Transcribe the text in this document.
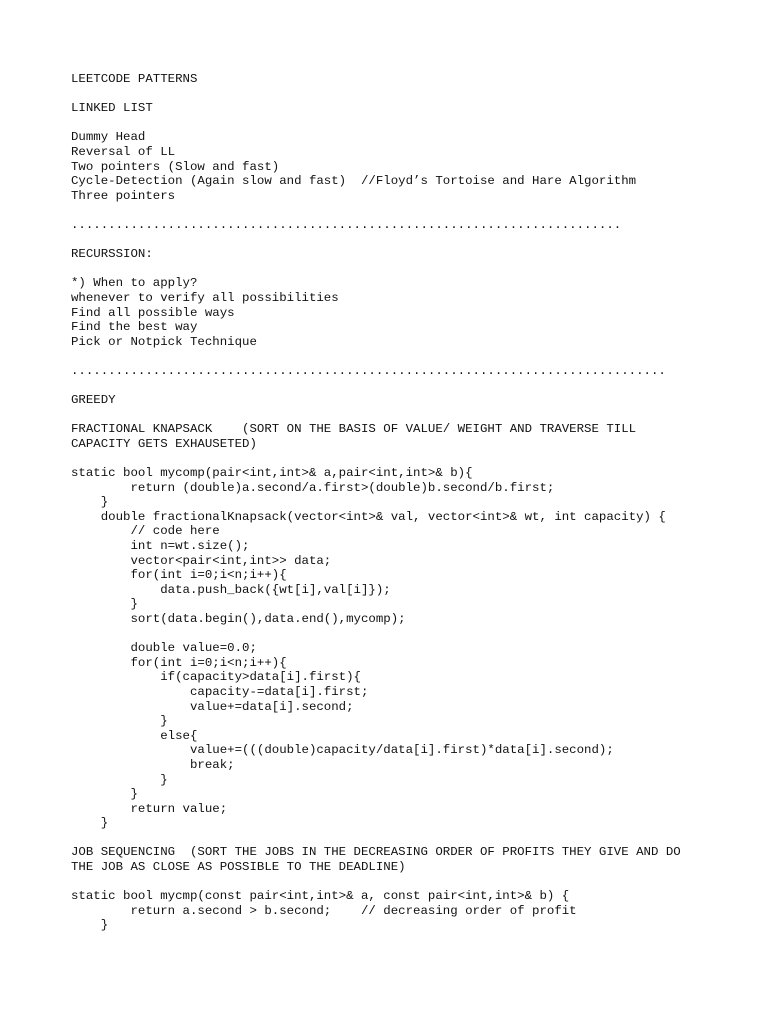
LEETCODE PATTERNS
LINKED LIST
Dummy Head
Reversal of LL
Two pointers (Slow and fast)
Cycle-Detection (Again slow and fast)  //Floyd’s Tortoise and Hare Algorithm
Three pointers
..........................................................................
RECURSSION:
*) When to apply?
whenever to verify all possibilities
Find all possible ways
Find the best way
Pick or Notpick Technique
................................................................................
GREEDY
FRACTIONAL KNAPSACK    (SORT ON THE BASIS OF VALUE/ WEIGHT AND TRAVERSE TILL
CAPACITY GETS EXHAUSETED)
static bool mycomp(pair<int,int>& a,pair<int,int>& b){
return (double)a.second/a.first>(double)b.second/b.first;
}
double fractionalKnapsack(vector<int>& val, vector<int>& wt, int capacity) {
// code here
int n=wt.size();
vector<pair<int,int>> data;
for(int i=0;i<n;i++){
data.push_back({wt[i],val[i]});
}
sort(data.begin(),data.end(),mycomp);
double value=0.0;
for(int i=0;i<n;i++){
if(capacity>data[i].first){
capacity-=data[i].first;
value+=data[i].second;
}
else{
value+=(((double)capacity/data[i].first)*data[i].second);
break;
}
}
return value;
}
JOB SEQUENCING  (SORT THE JOBS IN THE DECREASING ORDER OF PROFITS THEY GIVE AND DO
THE JOB AS CLOSE AS POSSIBLE TO THE DEADLINE)
static bool mycmp(const pair<int,int>& a, const pair<int,int>& b) {
return a.second > b.second;    // decreasing order of profit
}
